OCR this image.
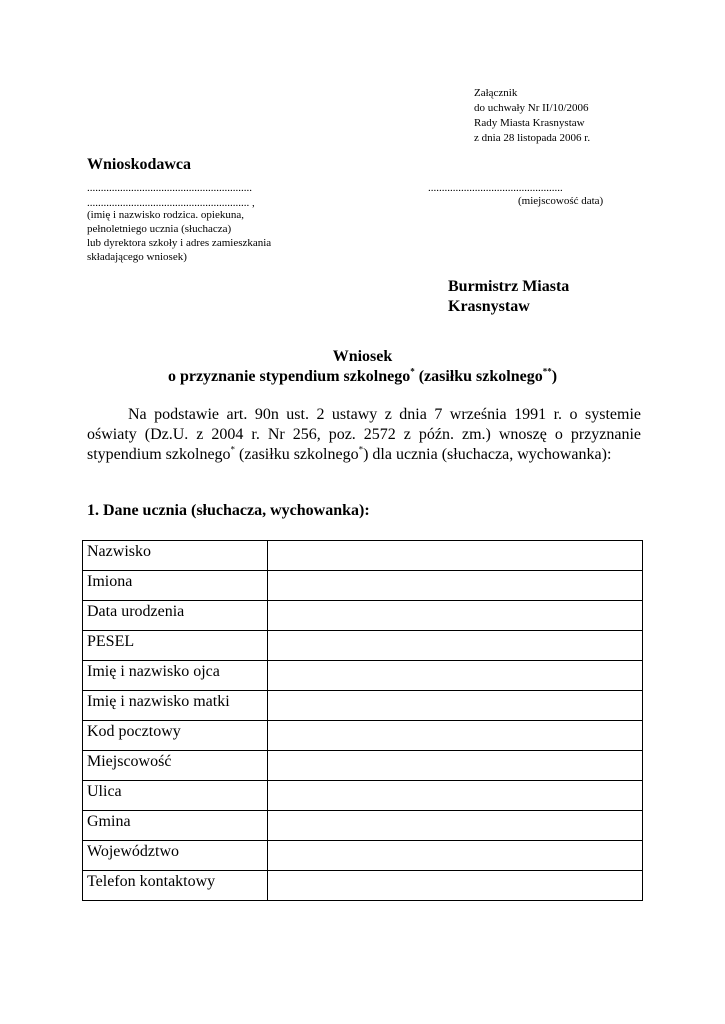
Załącznik
do uchwały Nr II/10/2006
Rady Miasta Krasnystaw
z dnia 28 listopada 2006 r.
Wnioskodawca
............................................................
........................................................... ,
.................................................
(miejscowość data)
(imię i nazwisko rodzica. opiekuna,
pełnoletniego ucznia (słuchacza)
lub dyrektora szkoły i adres zamieszkania
składającego wniosek)
Burmistrz Miasta
Krasnystaw
Wniosek
o przyznanie stypendium szkolnego* (zasiłku szkolnego**)
Na podstawie art. 90n ust. 2 ustawy z dnia 7 września 1991 r. o systemie oświaty (Dz.U. z 2004 r. Nr 256, poz. 2572 z późn. zm.) wnoszę o przyznanie stypendium szkolnego* (zasiłku szkolnego*) dla ucznia (słuchacza, wychowanka):
1. Dane ucznia (słuchacza, wychowanka):
Nazwisko	
Imiona	
Data urodzenia	
PESEL	
Imię i nazwisko ojca	
Imię i nazwisko matki	
Kod pocztowy	
Miejscowość	
Ulica	
Gmina	
Województwo	
Telefon kontaktowy	
